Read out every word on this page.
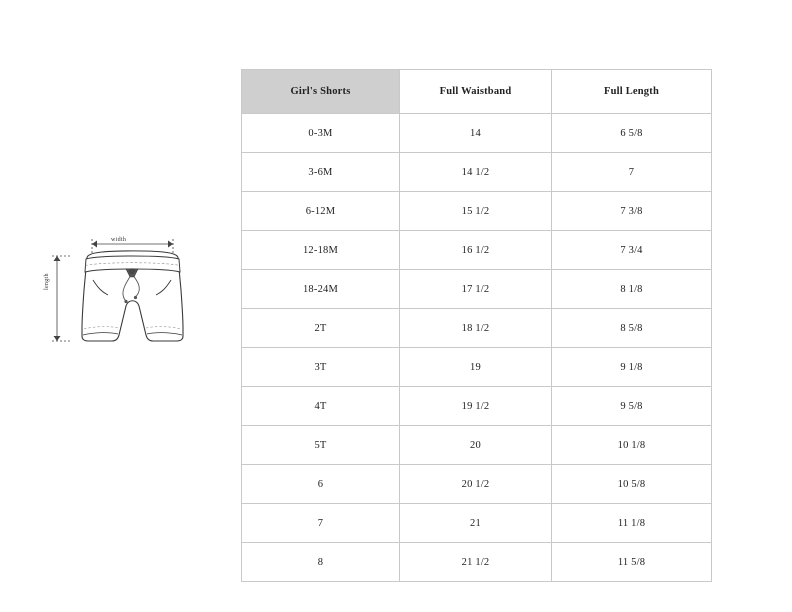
Girl's Shorts	Full Waistband	Full Length
0-3M	14	6 5/8
3-6M	14 1/2	7
6-12M	15 1/2	7 3/8
12-18M	16 1/2	7 3/4
18-24M	17 1/2	8 1/8
2T	18 1/2	8 5/8
3T	19	9 1/8
4T	19 1/2	9 5/8
5T	20	10 1/8
6	20 1/2	10 5/8
7	21	11 1/8
8	21 1/2	11 5/8
width
length
